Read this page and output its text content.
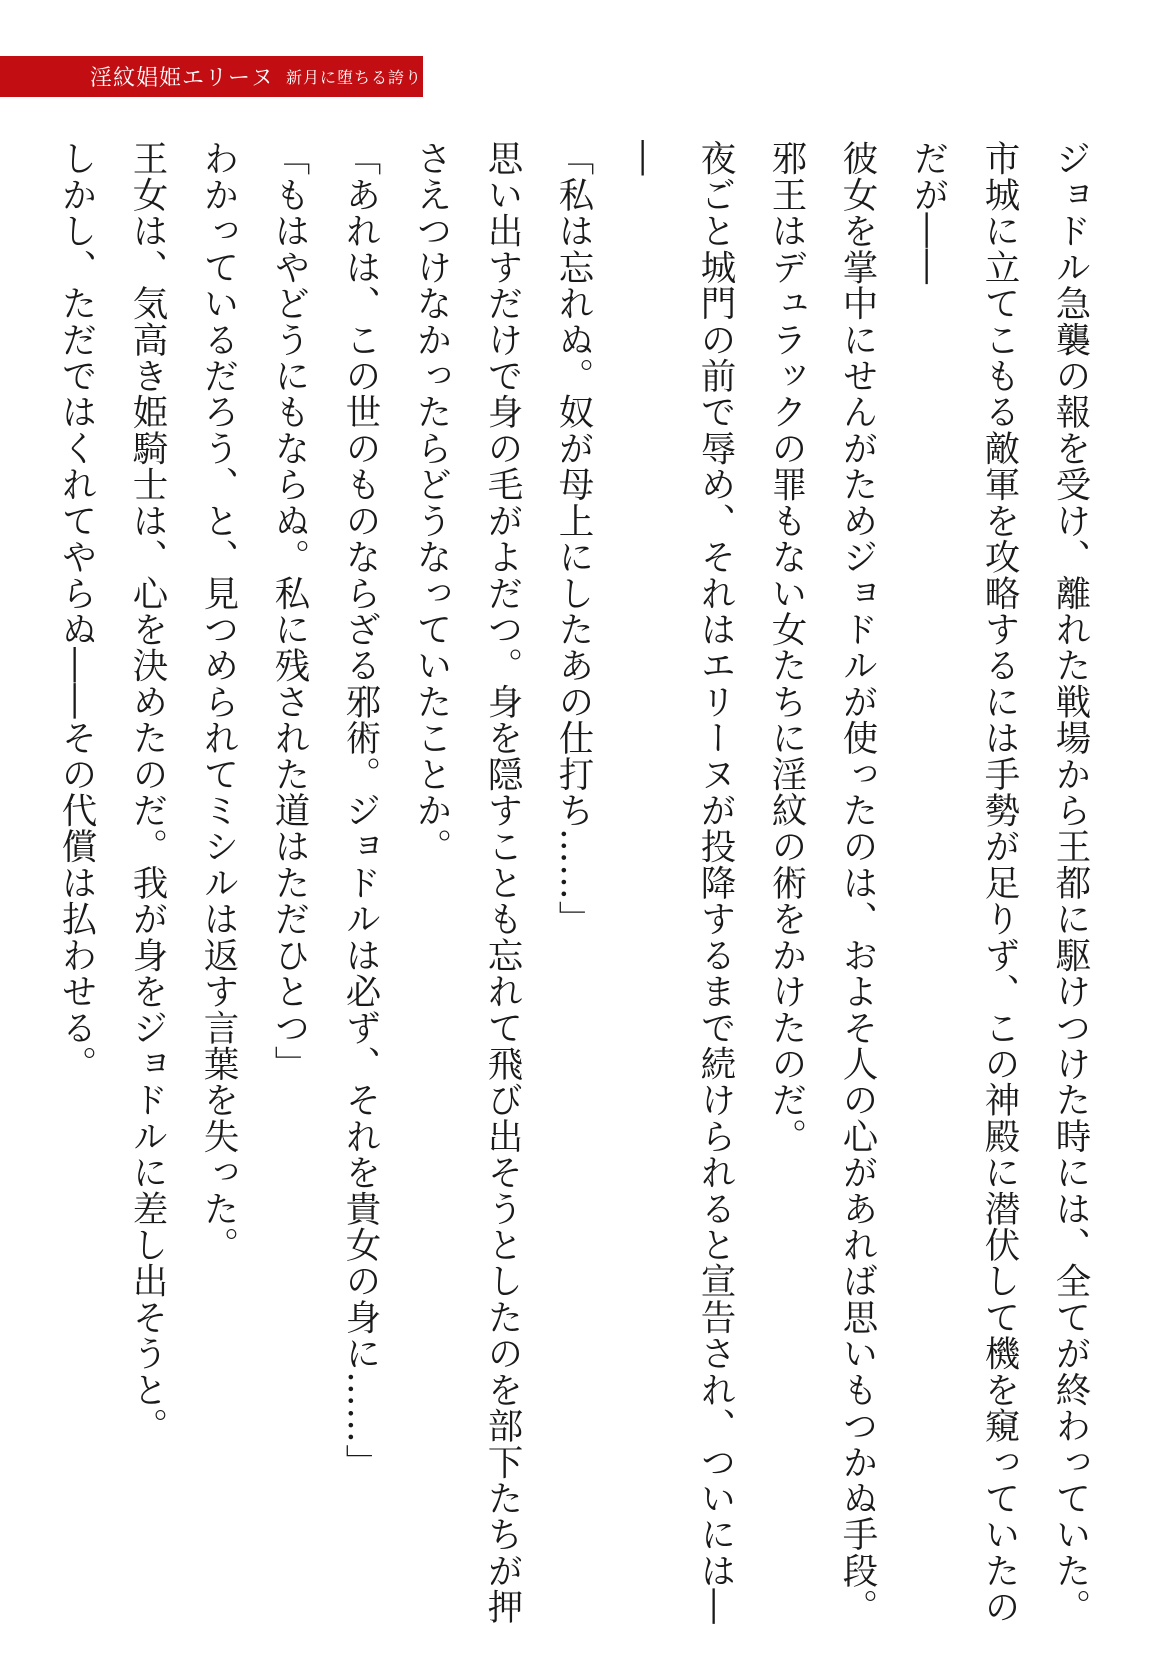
淫紋娼姫エリーヌ 新月に堕ちる誇り

ジョドル急襲の報を受け、離れた戦場から王都に駆けつけた時には、全てが終わっていた。市城に立てこもる敵軍を攻略するには手勢が足りず、この神殿に潜伏して機を窺っていたのだが――

彼女を掌中にせんがためジョドルが使ったのは、およそ人の心があれば思いもつかぬ手段。邪王はデュラックの罪もない女たちに淫紋の術をかけたのだ。

夜ごと城門の前で辱め、それはエリーヌが投降するまで続けられると宣告され、ついには――

「私は忘れぬ。奴が母上にしたあの仕打ち……」

思い出すだけで身の毛がよだつ。身を隠すことも忘れて飛び出そうとしたのを部下たちが押さえつけなかったらどうなっていたことか。

「あれは、この世のものならざる邪術。ジョドルは必ず、それを貴女の身に……」

「もはやどうにもならぬ。私に残された道はただひとつ」

わかっているだろう、と、見つめられてミシルは返す言葉を失った。

王女は、気高き姫騎士は、心を決めたのだ。我が身をジョドルに差し出そうと。

しかし、ただではくれてやらぬ――その代償は払わせる。
